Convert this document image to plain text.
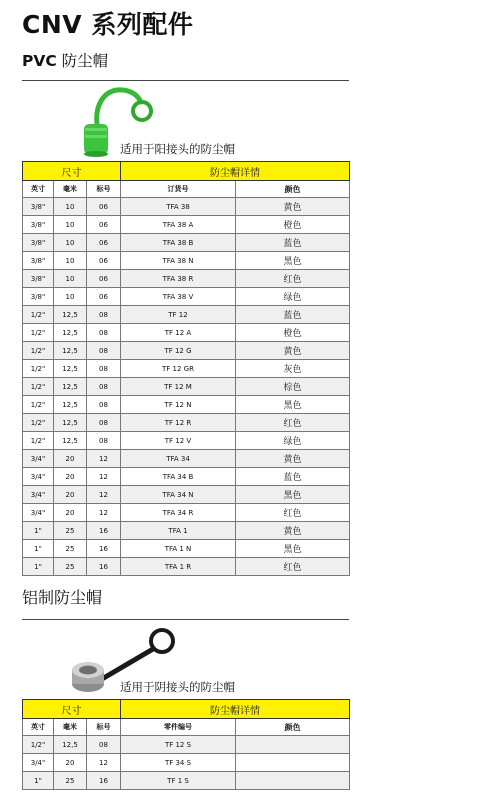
CNV 系列配件
PVC 防尘帽
适用于阳接头的防尘帽
尺寸			防尘帽详情	
英寸	毫米	标号	订货号	颜色
3/8"	10	06	TFA 38	黄色
3/8"	10	06	TFA 38 A	橙色
3/8"	10	06	TFA 38 B	蓝色
3/8"	10	06	TFA 38 N	黑色
3/8"	10	06	TFA 38 R	红色
3/8"	10	06	TFA 38 V	绿色
1/2"	12,5	08	TF 12	蓝色
1/2"	12,5	08	TF 12 A	橙色
1/2"	12,5	08	TF 12 G	黄色
1/2"	12,5	08	TF 12 GR	灰色
1/2"	12,5	08	TF 12 M	棕色
1/2"	12,5	08	TF 12 N	黑色
1/2"	12,5	08	TF 12 R	红色
1/2"	12,5	08	TF 12 V	绿色
3/4"	20	12	TFA 34	黄色
3/4"	20	12	TFA 34 B	蓝色
3/4"	20	12	TFA 34 N	黑色
3/4"	20	12	TFA 34 R	红色
1"	25	16	TFA 1	黄色
1"	25	16	TFA 1 N	黑色
1"	25	16	TFA 1 R	红色
铝制防尘帽
适用于阴接头的防尘帽
尺寸			防尘帽详情	
英寸	毫米	标号	零件编号	颜色
1/2"	12,5	08	TF 12 S	
3/4"	20	12	TF 34 S	
1"	25	16	TF 1 S	
